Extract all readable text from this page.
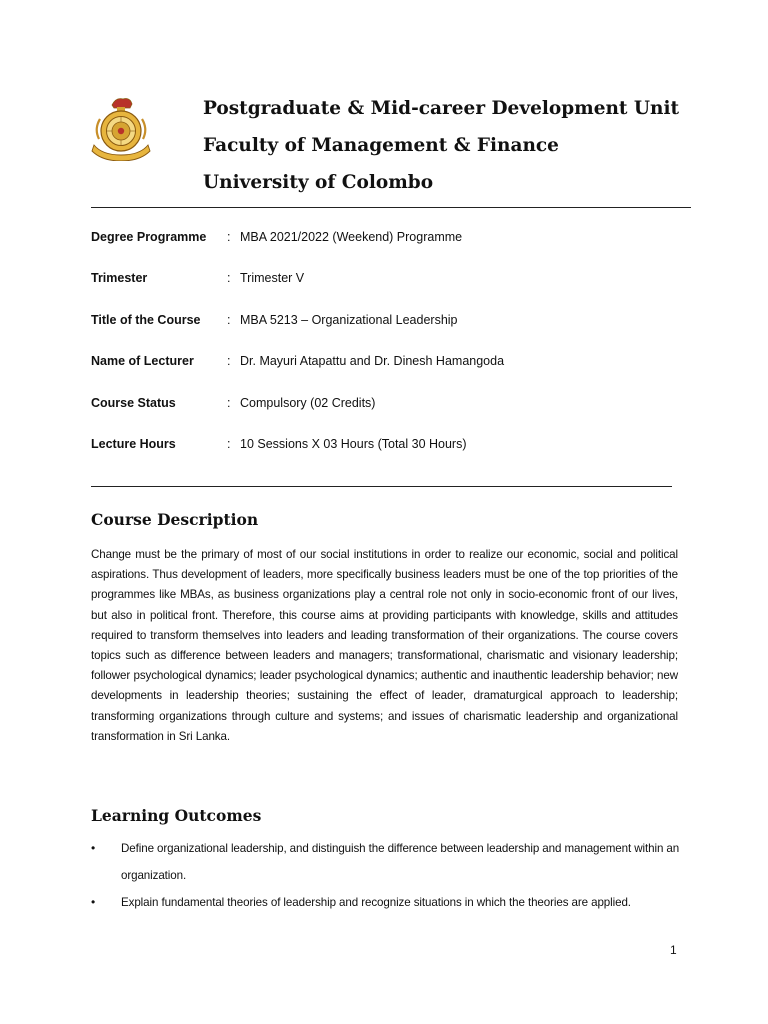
Postgraduate & Mid-career Development Unit
Faculty of Management & Finance
University of Colombo
Degree Programme : MBA 2021/2022 (Weekend) Programme
Trimester	: Trimester V
Title of the Course : MBA 5213 – Organizational Leadership
Name of Lecturer	: Dr. Mayuri Atapattu and Dr. Dinesh Hamangoda
Course Status	: Compulsory (02 Credits)
Lecture Hours	: 10 Sessions X 03 Hours (Total 30 Hours)
Course Description

Change must be the primary of most of our social institutions in order to realize our economic, social and political aspirations. Thus development of leaders, more specifically business leaders must be one of the top priorities of the programmes like MBAs, as business organizations play a central role not only in socio-economic front of our lives, but also in political front. Therefore, this course aims at providing participants with knowledge, skills and attitudes required to transform themselves into leaders and leading transformation of their organizations. The course covers topics such as difference between leaders and managers; transformational, charismatic and visionary leadership; follower psychological dynamics; leader psychological dynamics; authentic and inauthentic leadership behavior; new developments in leadership theories; sustaining the effect of leader, dramaturgical approach to leadership; transforming organizations through culture and systems; and issues of charismatic leadership and organizational transformation in Sri Lanka.

Learning Outcomes
• Define organizational leadership, and distinguish the difference between leadership and management within an organization.
• Explain fundamental theories of leadership and recognize situations in which the theories are applied.
1
